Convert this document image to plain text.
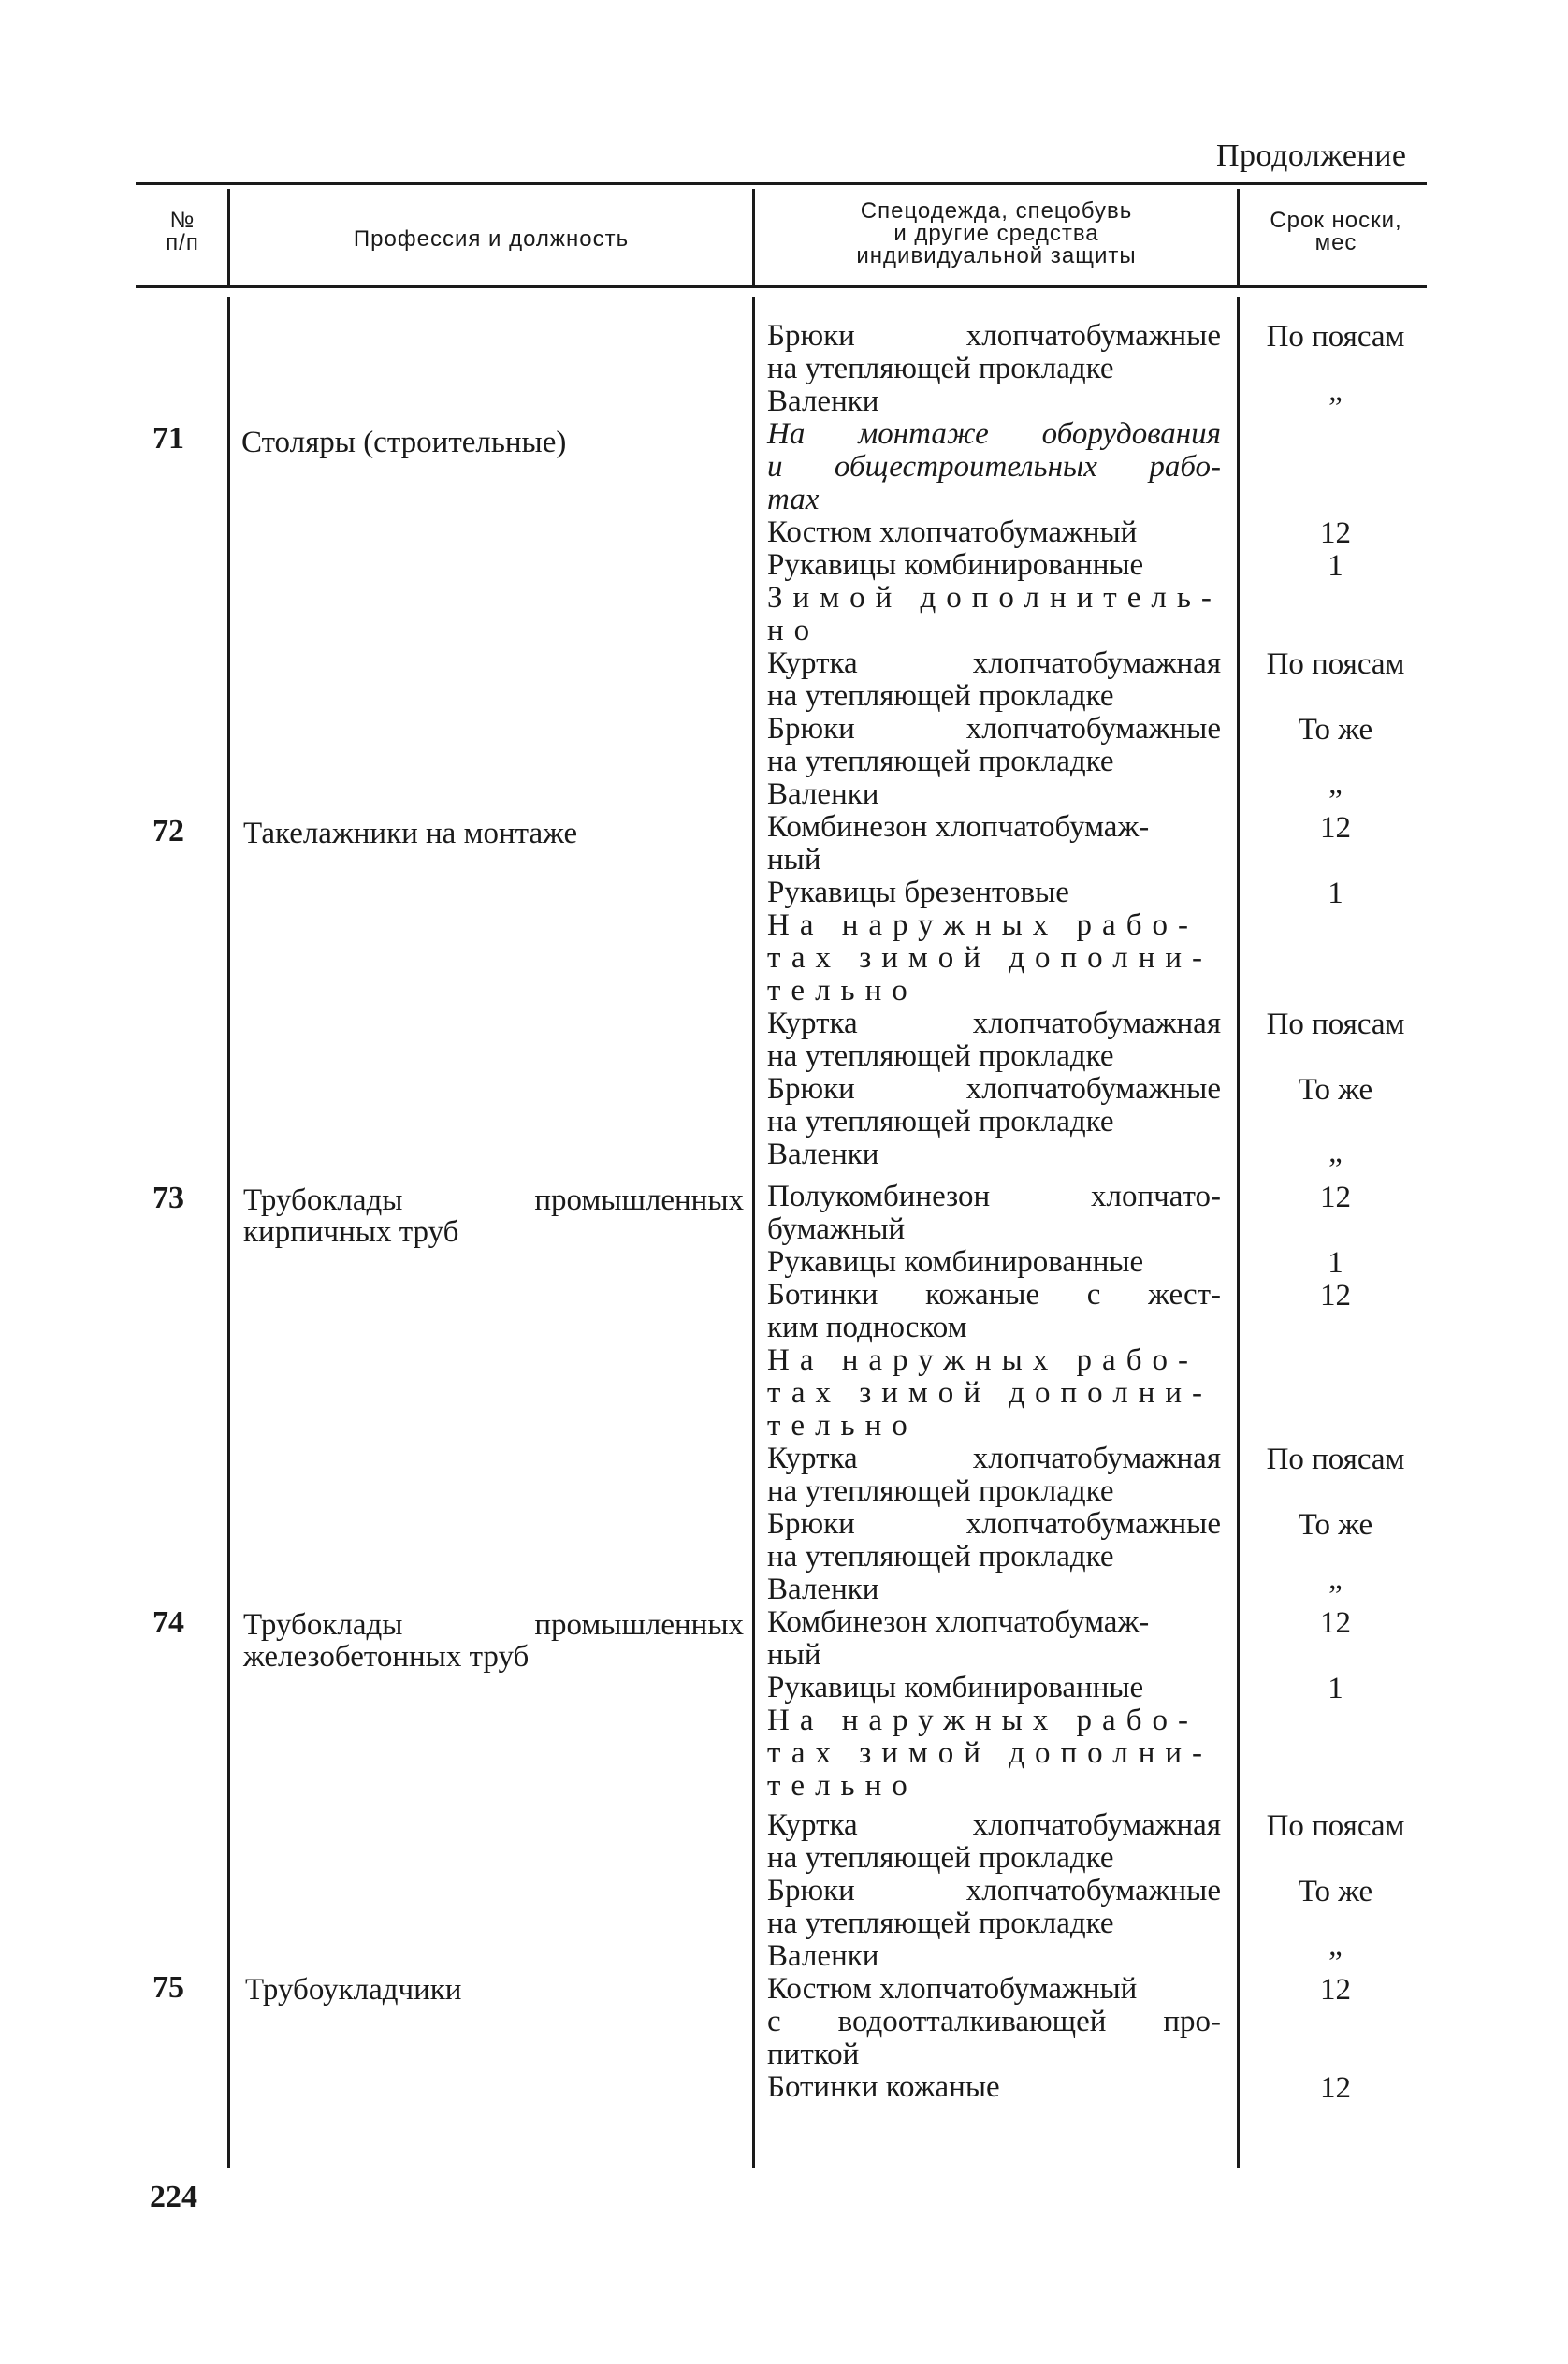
Продолжение
№
п/п	Профессия и должность
Спецодежда, спецобувь
и другие средства
индивидуальной защиты
Срок носки,
мес
71 Столяры (строительные)
72 Такелажники на монтаже
73 Трубоклады промышленных
кирпичных труб
74 Трубоклады промышленных
железобетонных труб
75 Трубоукладчики
Брюки хлопчатобумажные
на утепляющей прокладке
Валенки
На монтаже оборудования
и общестроительных рабо-
тах
Костюм хлопчатобумажный
Рукавицы комбинированные
Зимой дополнитель-
но
Куртка хлопчатобумажная
на утепляющей прокладке
Брюки хлопчатобумажные
на утепляющей прокладке
Валенки
Комбинезон хлопчатобумаж-
ный
Рукавицы брезентовые
На наружных рабо-
тах зимой дополни-
тельно
Куртка хлопчатобумажная
на утепляющей прокладке
Брюки хлопчатобумажные
на утепляющей прокладке
Валенки
Полукомбинезон хлопчато-
бумажный
Рукавицы комбинированные
Ботинки кожаные с жест-
ким подноском
На наружных рабо-
тах зимой дополни-
тельно
Куртка хлопчатобумажная
на утепляющей прокладке
Брюки хлопчатобумажные
на утепляющей прокладке
Валенки
Комбинезон хлопчатобумаж-
ный
Рукавицы комбинированные
На наружных рабо-
тах зимой дополни-
тельно
Куртка хлопчатобумажная
на утепляющей прокладке
Брюки хлопчатобумажные
на утепляющей прокладке
Валенки
Костюм хлопчатобумажный
с водоотталкивающей про-
питкой
Ботинки кожаные
По поясам
”
12
1
По поясам
То же
”
12
1
По поясам
То же
”
12
1
12
По поясам
То же
”
12
1
По поясам
То же
”
12
12
224
